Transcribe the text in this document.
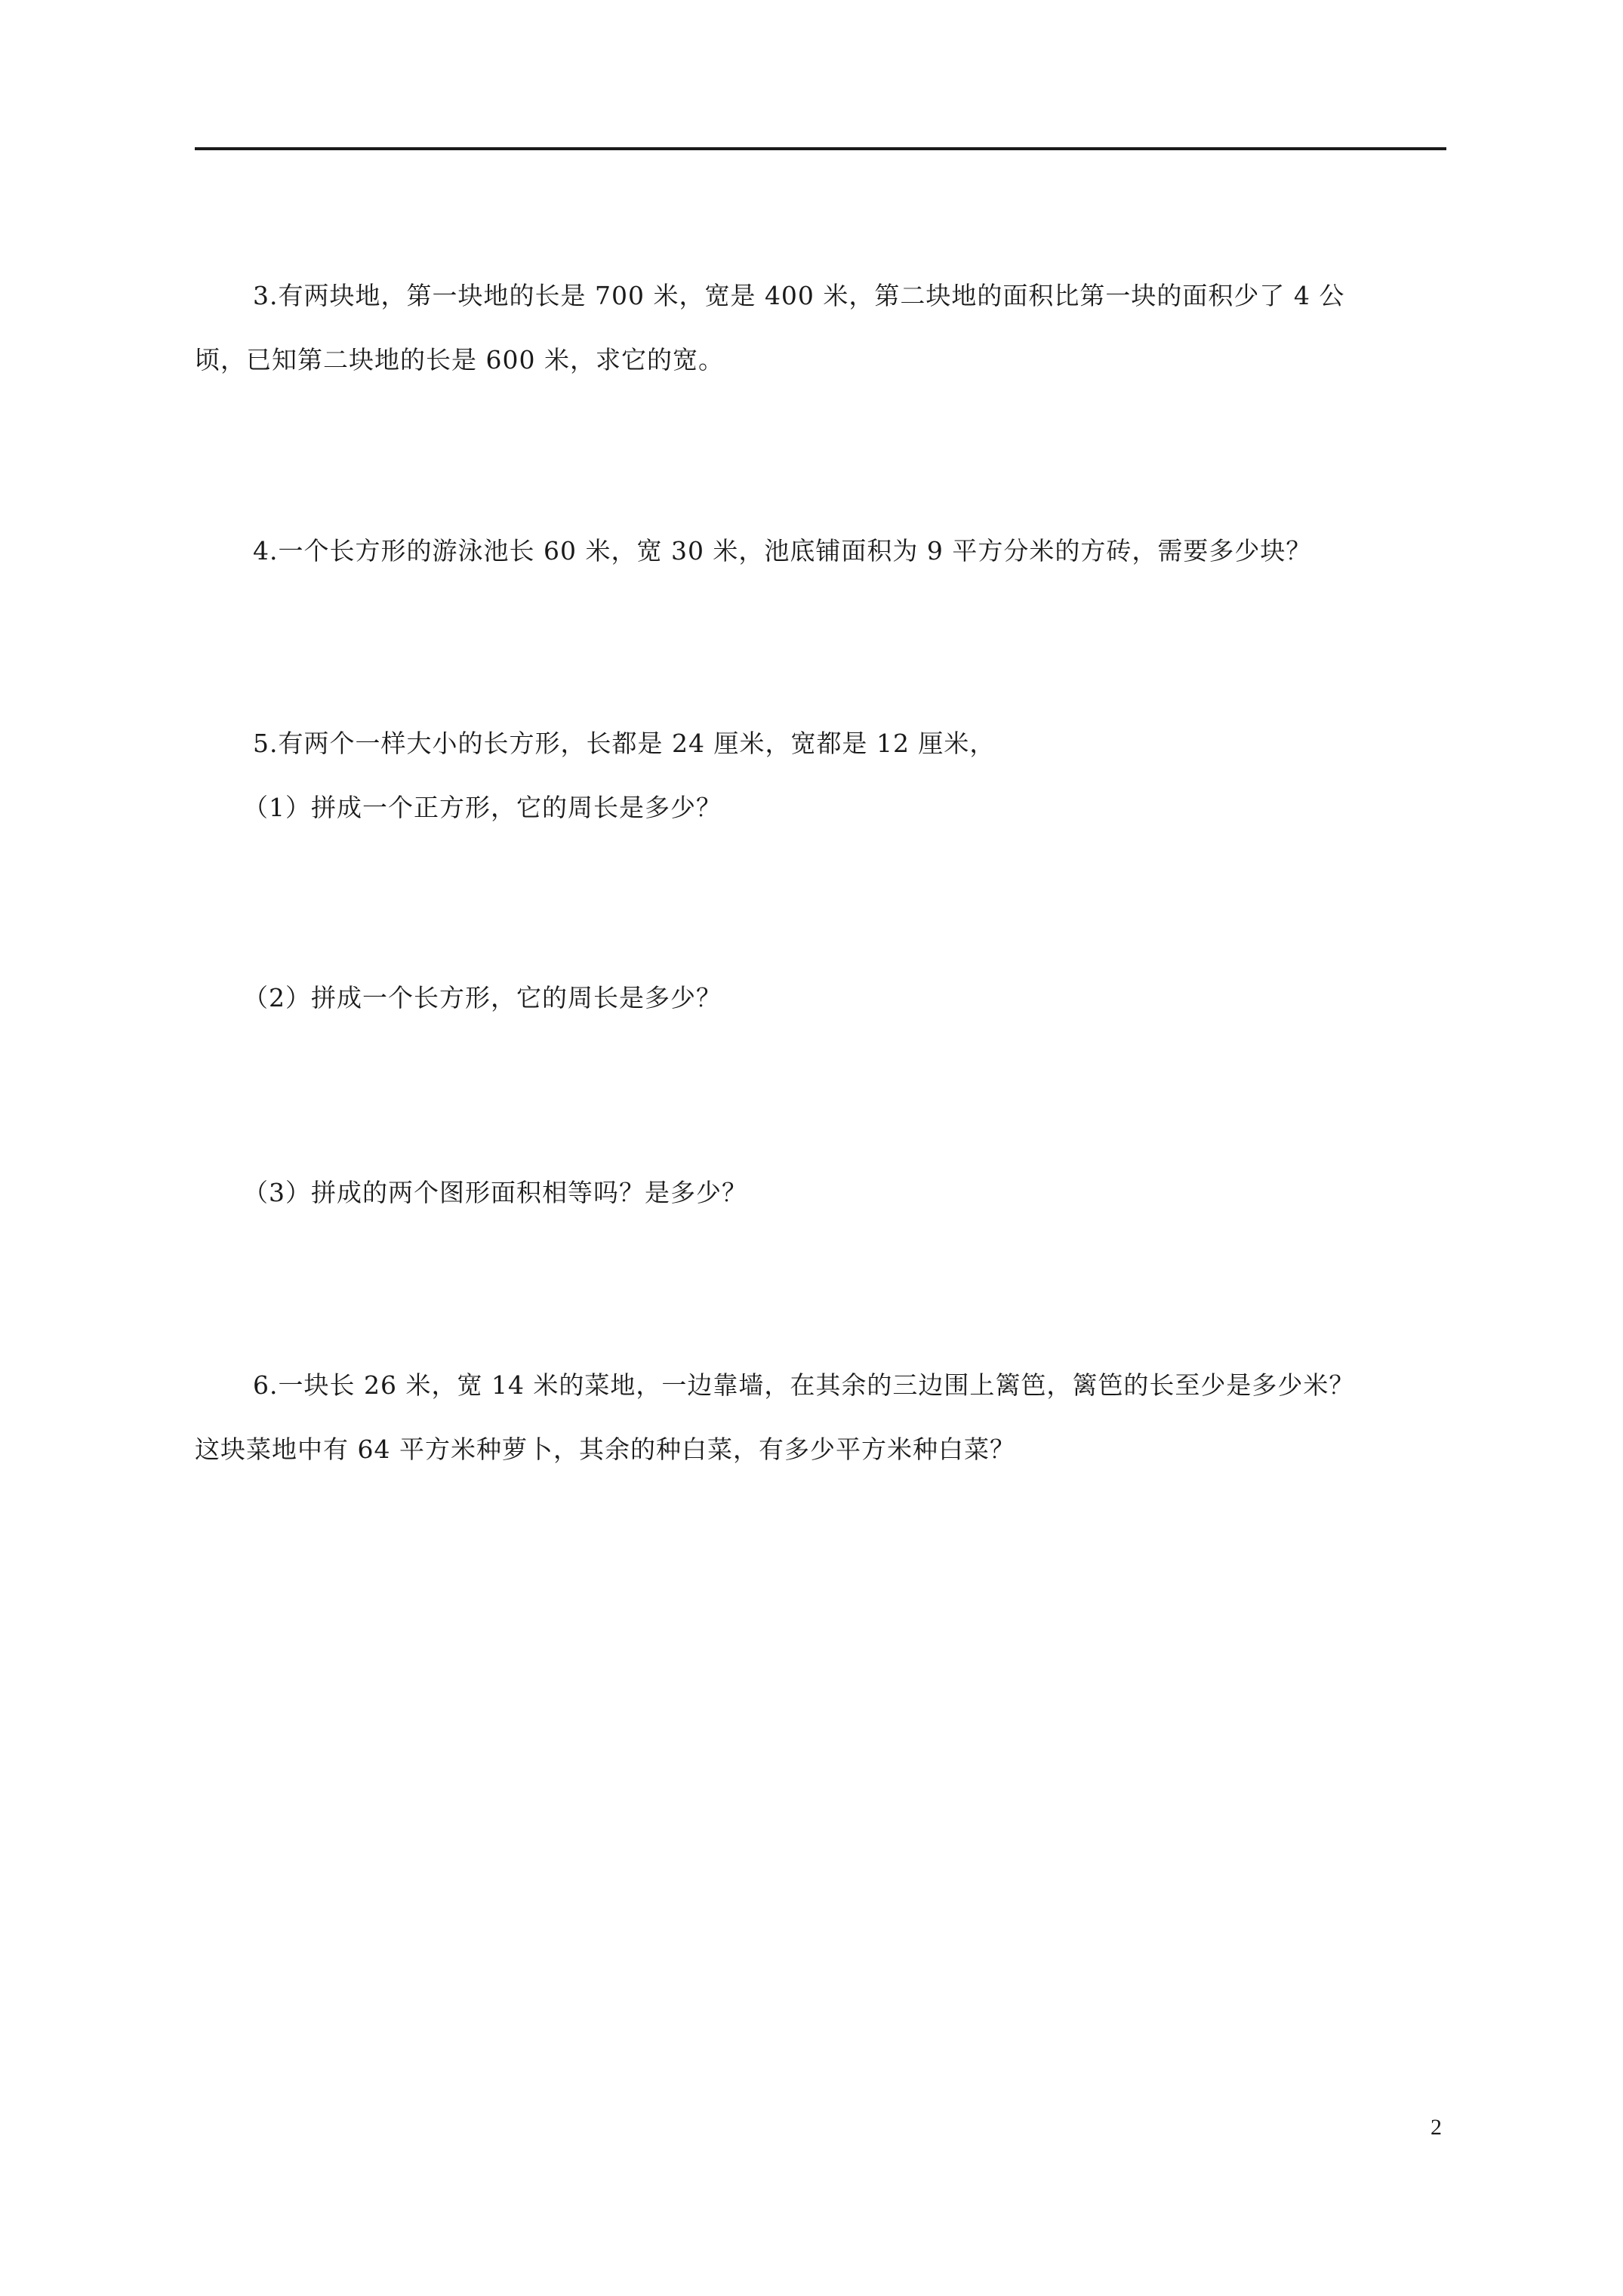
3.有两块地，第一块地的长是 700 米，宽是 400 米，第二块地的面积比第一块的面积少了 4 公
顷，已知第二块地的长是 600 米，求它的宽。
4.一个长方形的游泳池长 60 米，宽 30 米，池底铺面积为 9 平方分米的方砖，需要多少块？
5.有两个一样大小的长方形，长都是 24 厘米，宽都是 12 厘米，
（1）拼成一个正方形，它的周长是多少？
（2）拼成一个长方形，它的周长是多少？
（3）拼成的两个图形面积相等吗？是多少？
6.一块长 26 米，宽 14 米的菜地，一边靠墙，在其余的三边围上篱笆，篱笆的长至少是多少米？
这块菜地中有 64 平方米种萝卜，其余的种白菜，有多少平方米种白菜？
2
